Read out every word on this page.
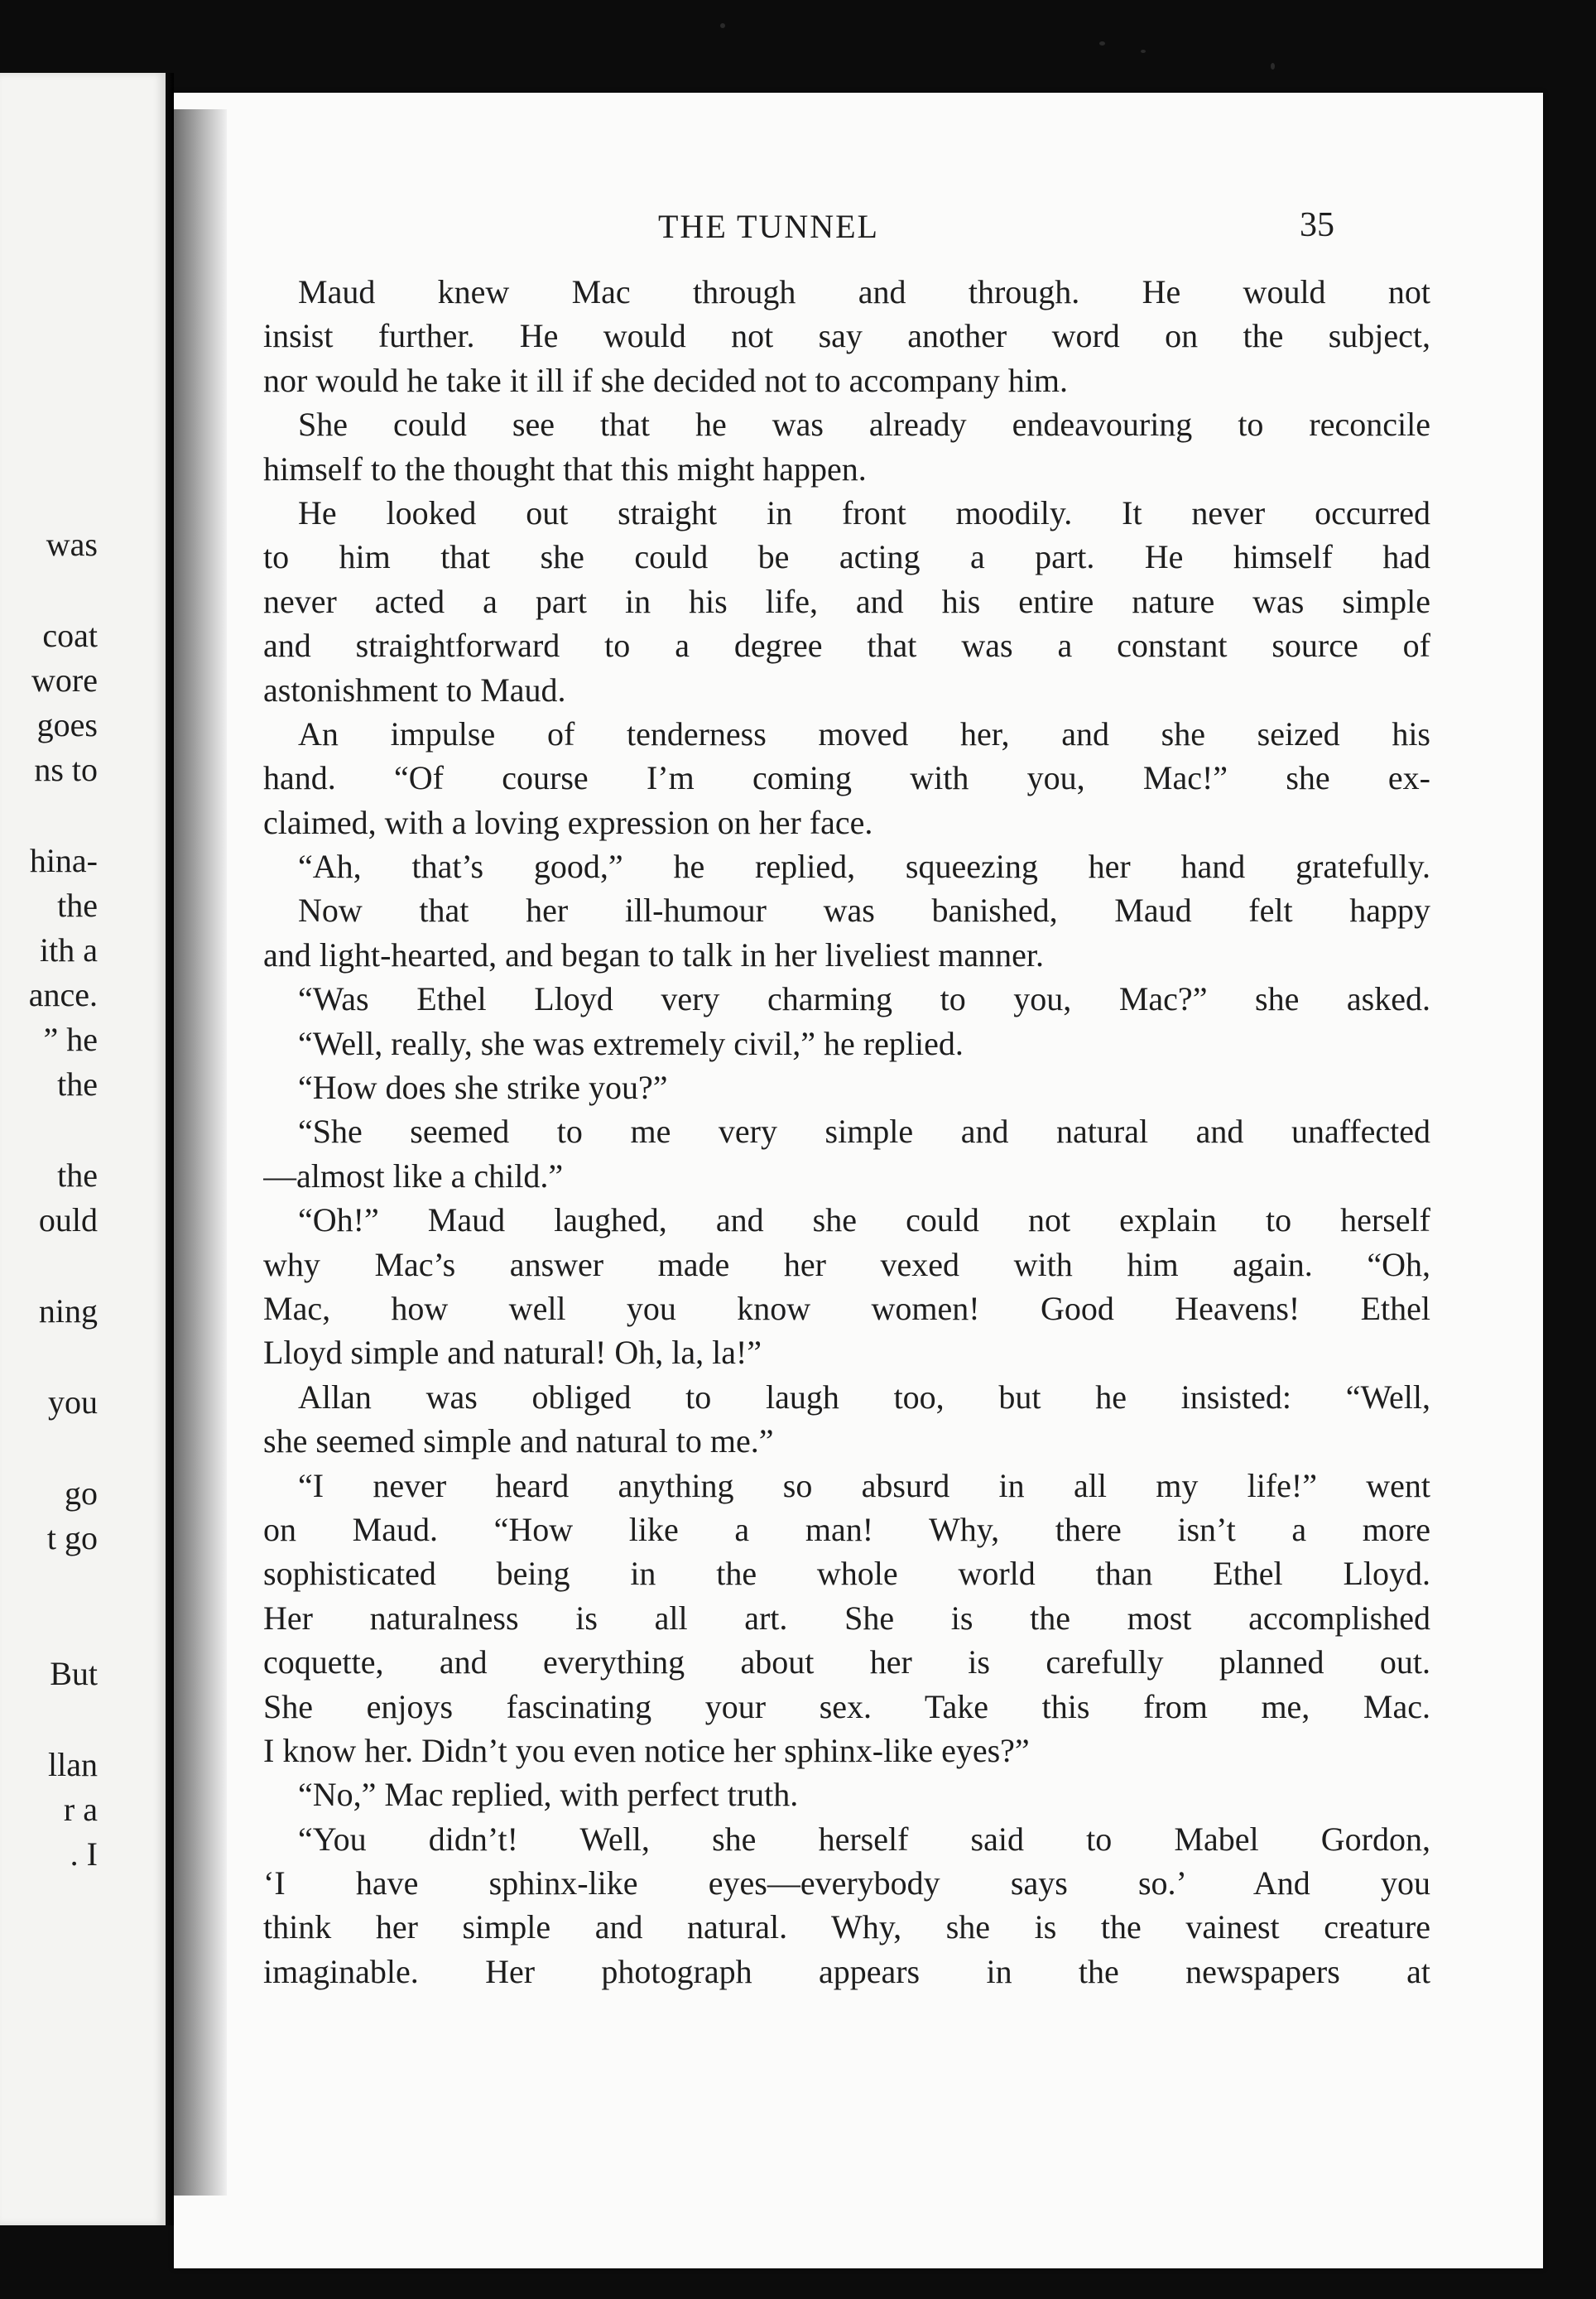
was
coat
wore
goes
ns to
hina-
the
ith a
ance.
” he
the
the
ould
ning
you
go
t go
But
llan
r a
. I
THE TUNNEL	35
Maud knew Mac through and through. He would not
insist further. He would not say another word on the subject,
nor would he take it ill if she decided not to accompany him.
She could see that he was already endeavouring to reconcile
himself to the thought that this might happen.
He looked out straight in front moodily. It never occurred
to him that she could be acting a part. He himself had
never acted a part in his life, and his entire nature was simple
and straightforward to a degree that was a constant source of
astonishment to Maud.
An impulse of tenderness moved her, and she seized his
hand. “Of course I’m coming with you, Mac!” she ex-
claimed, with a loving expression on her face.
“Ah, that’s good,” he replied, squeezing her hand gratefully.
Now that her ill-humour was banished, Maud felt happy
and light-hearted, and began to talk in her liveliest manner.
“Was Ethel Lloyd very charming to you, Mac?” she asked.
“Well, really, she was extremely civil,” he replied.
“How does she strike you?”
“She seemed to me very simple and natural and unaffected
—almost like a child.”
“Oh!” Maud laughed, and she could not explain to herself
why Mac’s answer made her vexed with him again. “Oh,
Mac, how well you know women! Good Heavens! Ethel
Lloyd simple and natural! Oh, la, la!”
Allan was obliged to laugh too, but he insisted: “Well,
she seemed simple and natural to me.”
“I never heard anything so absurd in all my life!” went
on Maud. “How like a man! Why, there isn’t a more
sophisticated being in the whole world than Ethel Lloyd.
Her naturalness is all art. She is the most accomplished
coquette, and everything about her is carefully planned out.
She enjoys fascinating your sex. Take this from me, Mac.
I know her. Didn’t you even notice her sphinx-like eyes?”
“No,” Mac replied, with perfect truth.
“You didn’t! Well, she herself said to Mabel Gordon,
‘I have sphinx-like eyes—everybody says so.’ And you
think her simple and natural. Why, she is the vainest creature
imaginable. Her photograph appears in the newspapers at
